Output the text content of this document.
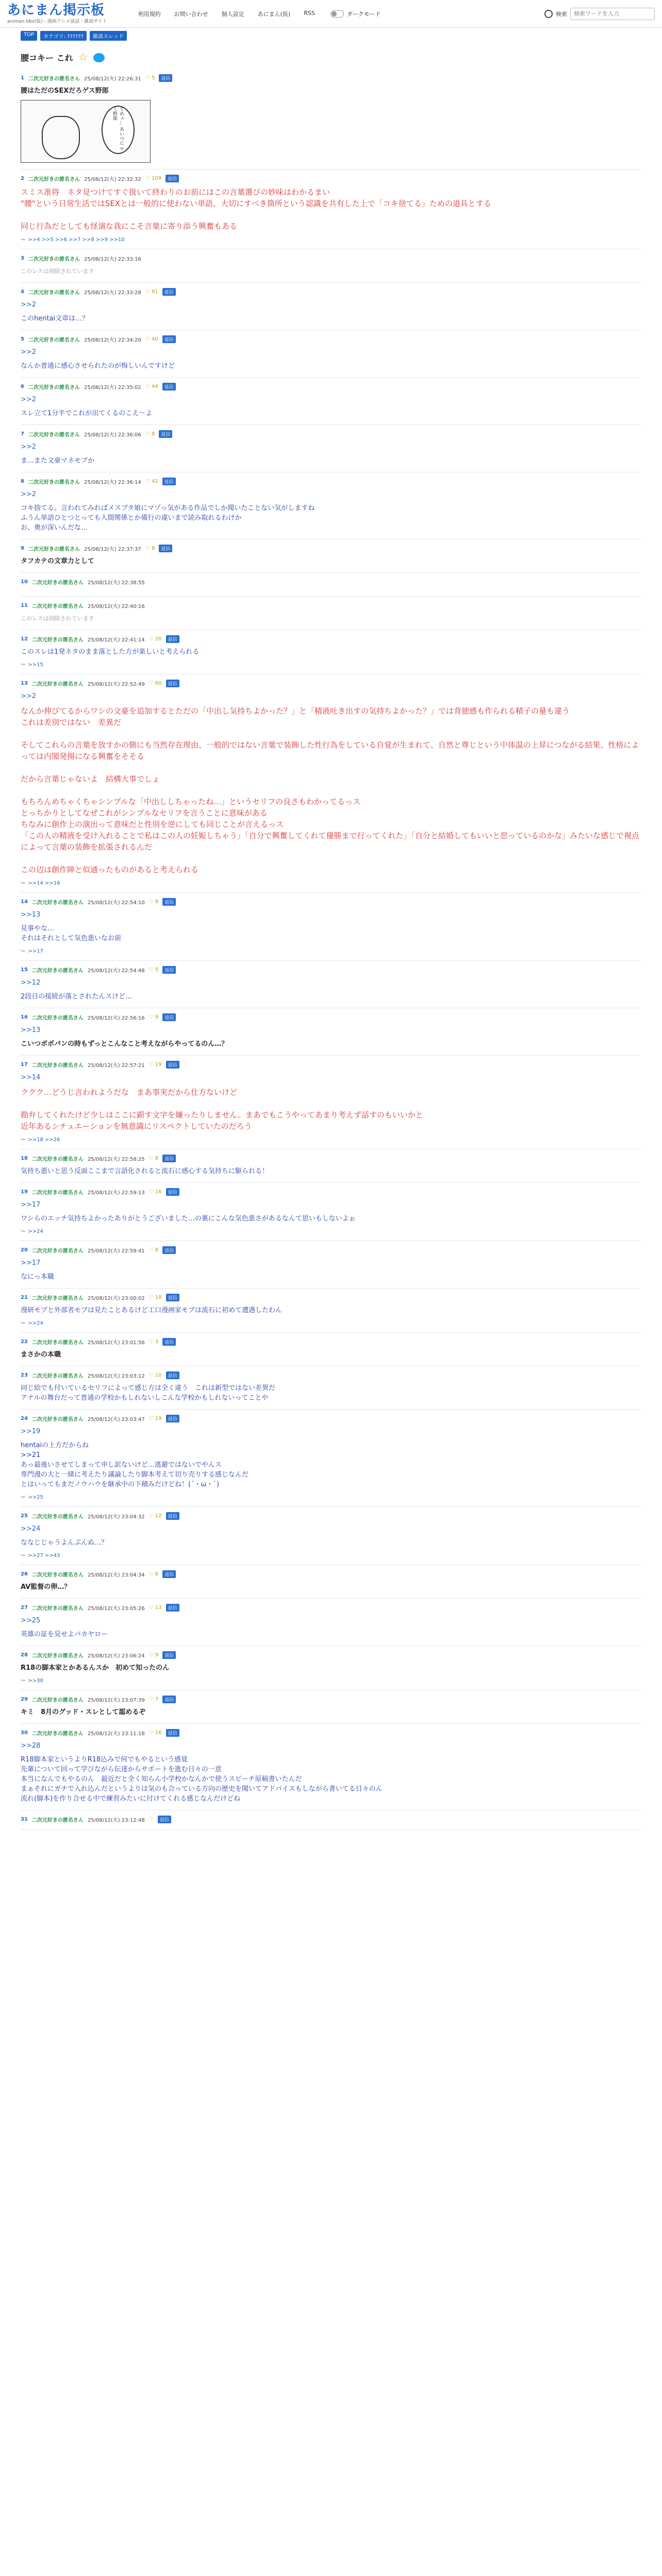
あにまん掲示板
animan bbs(仮) - 漫画アニメ談話・雑談サイト
利用規約 お問い合わせ 個人設定 あにまん(仮) RSS	ダークモード	検索
検索ワードを入力
TOP	カテゴリ: ??????	雑談スレッド
腰コキー これ ☆
1 二次元好きの匿名さん 25/08/12(火) 22:26:31 ♡ 5	返信
腰はただのSEXだろゲス野郎
てめェ… あいつに ヤミ野郎
2 二次元好きの匿名さん 25/08/12(火) 22:32:32 ♡ 109	返信
スミス准将　ネタ見つけてすぐ扱いて終わりのお前にはこの言葉選びの妙味はわかるまい
"腰"という日常生活ではSEXとは一般的に使わない単語、大切にすべき箇所という認識を共有した上で「コキ捨てる」ための道具とする

同じ行為だとしても怪演な我にこそ言葉に寄り添う興奮もある
↪ >>4 >>5 >>6 >>7 >>8 >>9 >>10
3 二次元好きの匿名さん 25/08/12(火) 22:33:16
このレスは削除されています
4 二次元好きの匿名さん 25/08/12(火) 22:33:28 ♡ 61	返信
>>2
このhentai文章は…？
5 二次元好きの匿名さん 25/08/12(火) 22:34:20 ♡ 40	返信
>>2
なんか普通に感心させられたのが悔しいんですけど
6 二次元好きの匿名さん 25/08/12(火) 22:35:02 ♡ 44	返信
>>2
スレ立て1分半でこれが出てくるのこえ〜よ
7 二次元好きの匿名さん 25/08/12(火) 22:36:06 ♡ 8	返信
>>2
ま…また文豪マネモブか
8 二次元好きの匿名さん 25/08/12(火) 22:36:14 ♡ 42	返信
>>2
コキ捨てる。言われてみればメスブタ娘にマゾっ気がある作品でしか聞いたことない気がしますね
ふうん単語ひとつとっても人間関係とか備行の違いまで読み取れるわけか
お、奥が深いんだな…
9 二次元好きの匿名さん 25/08/12(火) 22:37:37 ♡ 6	返信
タフカテの文章力として
10 二次元好きの匿名さん 25/08/12(火) 22:38:55
11 二次元好きの匿名さん 25/08/12(火) 22:40:16
このレスは削除されています
12 二次元好きの匿名さん 25/08/12(火) 22:41:14 ♡ 20	返信
このスレは1発ネタのまま落とした方が楽しいと考えられる
↪ >>15
13 二次元好きの匿名さん 25/08/12(火) 22:52:49 ♡ 60	返信
>>2
なんか伸びてるからワシの文豪を追加するとただの「中出し気持ちよかった？」と「精液吐き出すの気持ちよかった？」では背徳感も作られる精子の量も違う
これは差別ではない　差異だ

そしてこれらの言葉を放すかの側にも当然存在理由、一般的ではない言葉で装飾した性行為をしている自覚が生まれて、自然と尊じという中体温の上昇につながる結果、性格によっては内閣発揚になる興奮をそそる

だから言葉じゃないよ　結構大事でしょ

もちろんめちゃくちゃシンプルな「中出ししちゃったね…」というセリフの良さもわかってるっス
とっちかりとしてなぜこれがシンプルなセリフを言うことに意味がある
ちなみに創作上の演出って意味だと性別を逆にしても同じことが言えるっス
「この人の精液を受け入れることで私はこの人の妊娠しちゃう」「自分で興奮してくれて優勝まで行ってくれた」「自分と結婚してもいいと思っているのかな」みたいな感じで視点によって言葉の装飾を拡張されるんだ

この辺は創作陣と似通ったものがあると考えられる
↪ >>14 >>16
14 二次元好きの匿名さん 25/08/12(火) 22:54:10 ♡ 8	返信
>>13
見事やな…
それはそれとして気色悪いなお前
↪ >>17
15 二次元好きの匿名さん 25/08/12(火) 22:54:48 ♡ 5	返信
>>12
2段目の接続が落とされたんスけど…
16 二次元好きの匿名さん 25/08/12(火) 22:56:16 ♡ 9	返信
>>13
こいつボボパンの時もずっとこんなこと考えながらやってるのん…？
17 二次元好きの匿名さん 25/08/12(火) 22:57:21 ♡ 19	返信
>>14
ククク…どうじ言われようだな　まあ事実だから仕方ないけど

勘弁してくれたけど少しはここに顕す文字を嫌ったりしません。まあでもこうやってあまり考えず話すのもいいかと
近年あるシチュエーションを無意識にリスペクトしていたのだろう
↪ >>18 >>26
18 二次元好きの匿名さん 25/08/12(火) 22:58:25 ♡ 8	返信
気持ち悪いと思う反面ここまで言語化されると流石に感心する気持ちに駆られる！
19 二次元好きの匿名さん 25/08/12(火) 22:59:13 ♡ 16	返信
>>17
ワシらのエッチ気持ちよかったありがとうございました…の裏にこんな気色悪さがあるなんて思いもしないよぉ
↪ >>24
20 二次元好きの匿名さん 25/08/12(火) 22:59:41 ♡ 8	返信
>>17
なにっ本職
21 二次元好きの匿名さん 25/08/12(火) 23:00:02 ♡ 18	返信
漫研モブと外部者モブは見たことあるけど工口漫画家モブは流石に初めて遭遇したわん
↪ >>24
22 二次元好きの匿名さん 25/08/12(火) 23:01:56 ♡ 3	返信
まさかの本職
23 二次元好きの匿名さん 25/08/12(火) 23:03:12 ♡ 10	返信
同じ絵でも付いているセリフによって感じ方は全く違う　これは新型ではない差異だ
アナルの舞台だって普通の学校かもしれないしこんな学校かもしれないってことや
24 二次元好きの匿名さん 25/08/12(火) 23:03:47 ♡ 19	返信
>>19
hentaiの上方だからね
>>21
あっ最後いさせてしまって申し訳ないけど…逃避ではないでやんス
専門漫の大と一緒に考えたり議論したり脚本考えて切り売りする感じなんだ
とはいってもまだノウハウを継承中の下積みだけどね！(´・ω・`)
↪ >>25
25 二次元好きの匿名さん 25/08/12(火) 23:04:32 ♡ 12	返信
>>24
ななじじゃうよんぷんぬ…？
↪ >>27 >>43
26 二次元好きの匿名さん 25/08/12(火) 23:04:34 ♡ 6	返信
AV監督の卵…？
27 二次元好きの匿名さん 25/08/12(火) 23:05:26 ♡ 13	返信
>>25
英雄の証を見せよバカヤロー
28 二次元好きの匿名さん 25/08/12(火) 23:06:24 ♡ 9	返信
R18の脚本家とかあるんスか　初めて知ったのん
↪ >>30
29 二次元好きの匿名さん 25/08/12(火) 23:07:39 ♡ 7	返信
キミ　8月のグッド・スレとして認めるぞ
30 二次元好きの匿名さん 25/08/12(火) 23:11:18 ♡ 16	返信
>>28
R18脚本家というよりR18込みで何でもやるという感覚
先輩について回って学びながら伝達からサポートを進む日々の一意
本当になんでもやるのん　最近だと全く知らん小学校かなんかで使うスピーチ原稿書いたんだ
まぁそれにガチで入れ込んだというよりは気のも合っている方向の歴史を聞いてアドバイスもしながら書いてる日々のん
流れ(脚本)を作り合せる中で練習みたいに付けてくれる感じなんだけどね
31 二次元好きの匿名さん 25/08/12(火) 23:12:48 ♡	返信
